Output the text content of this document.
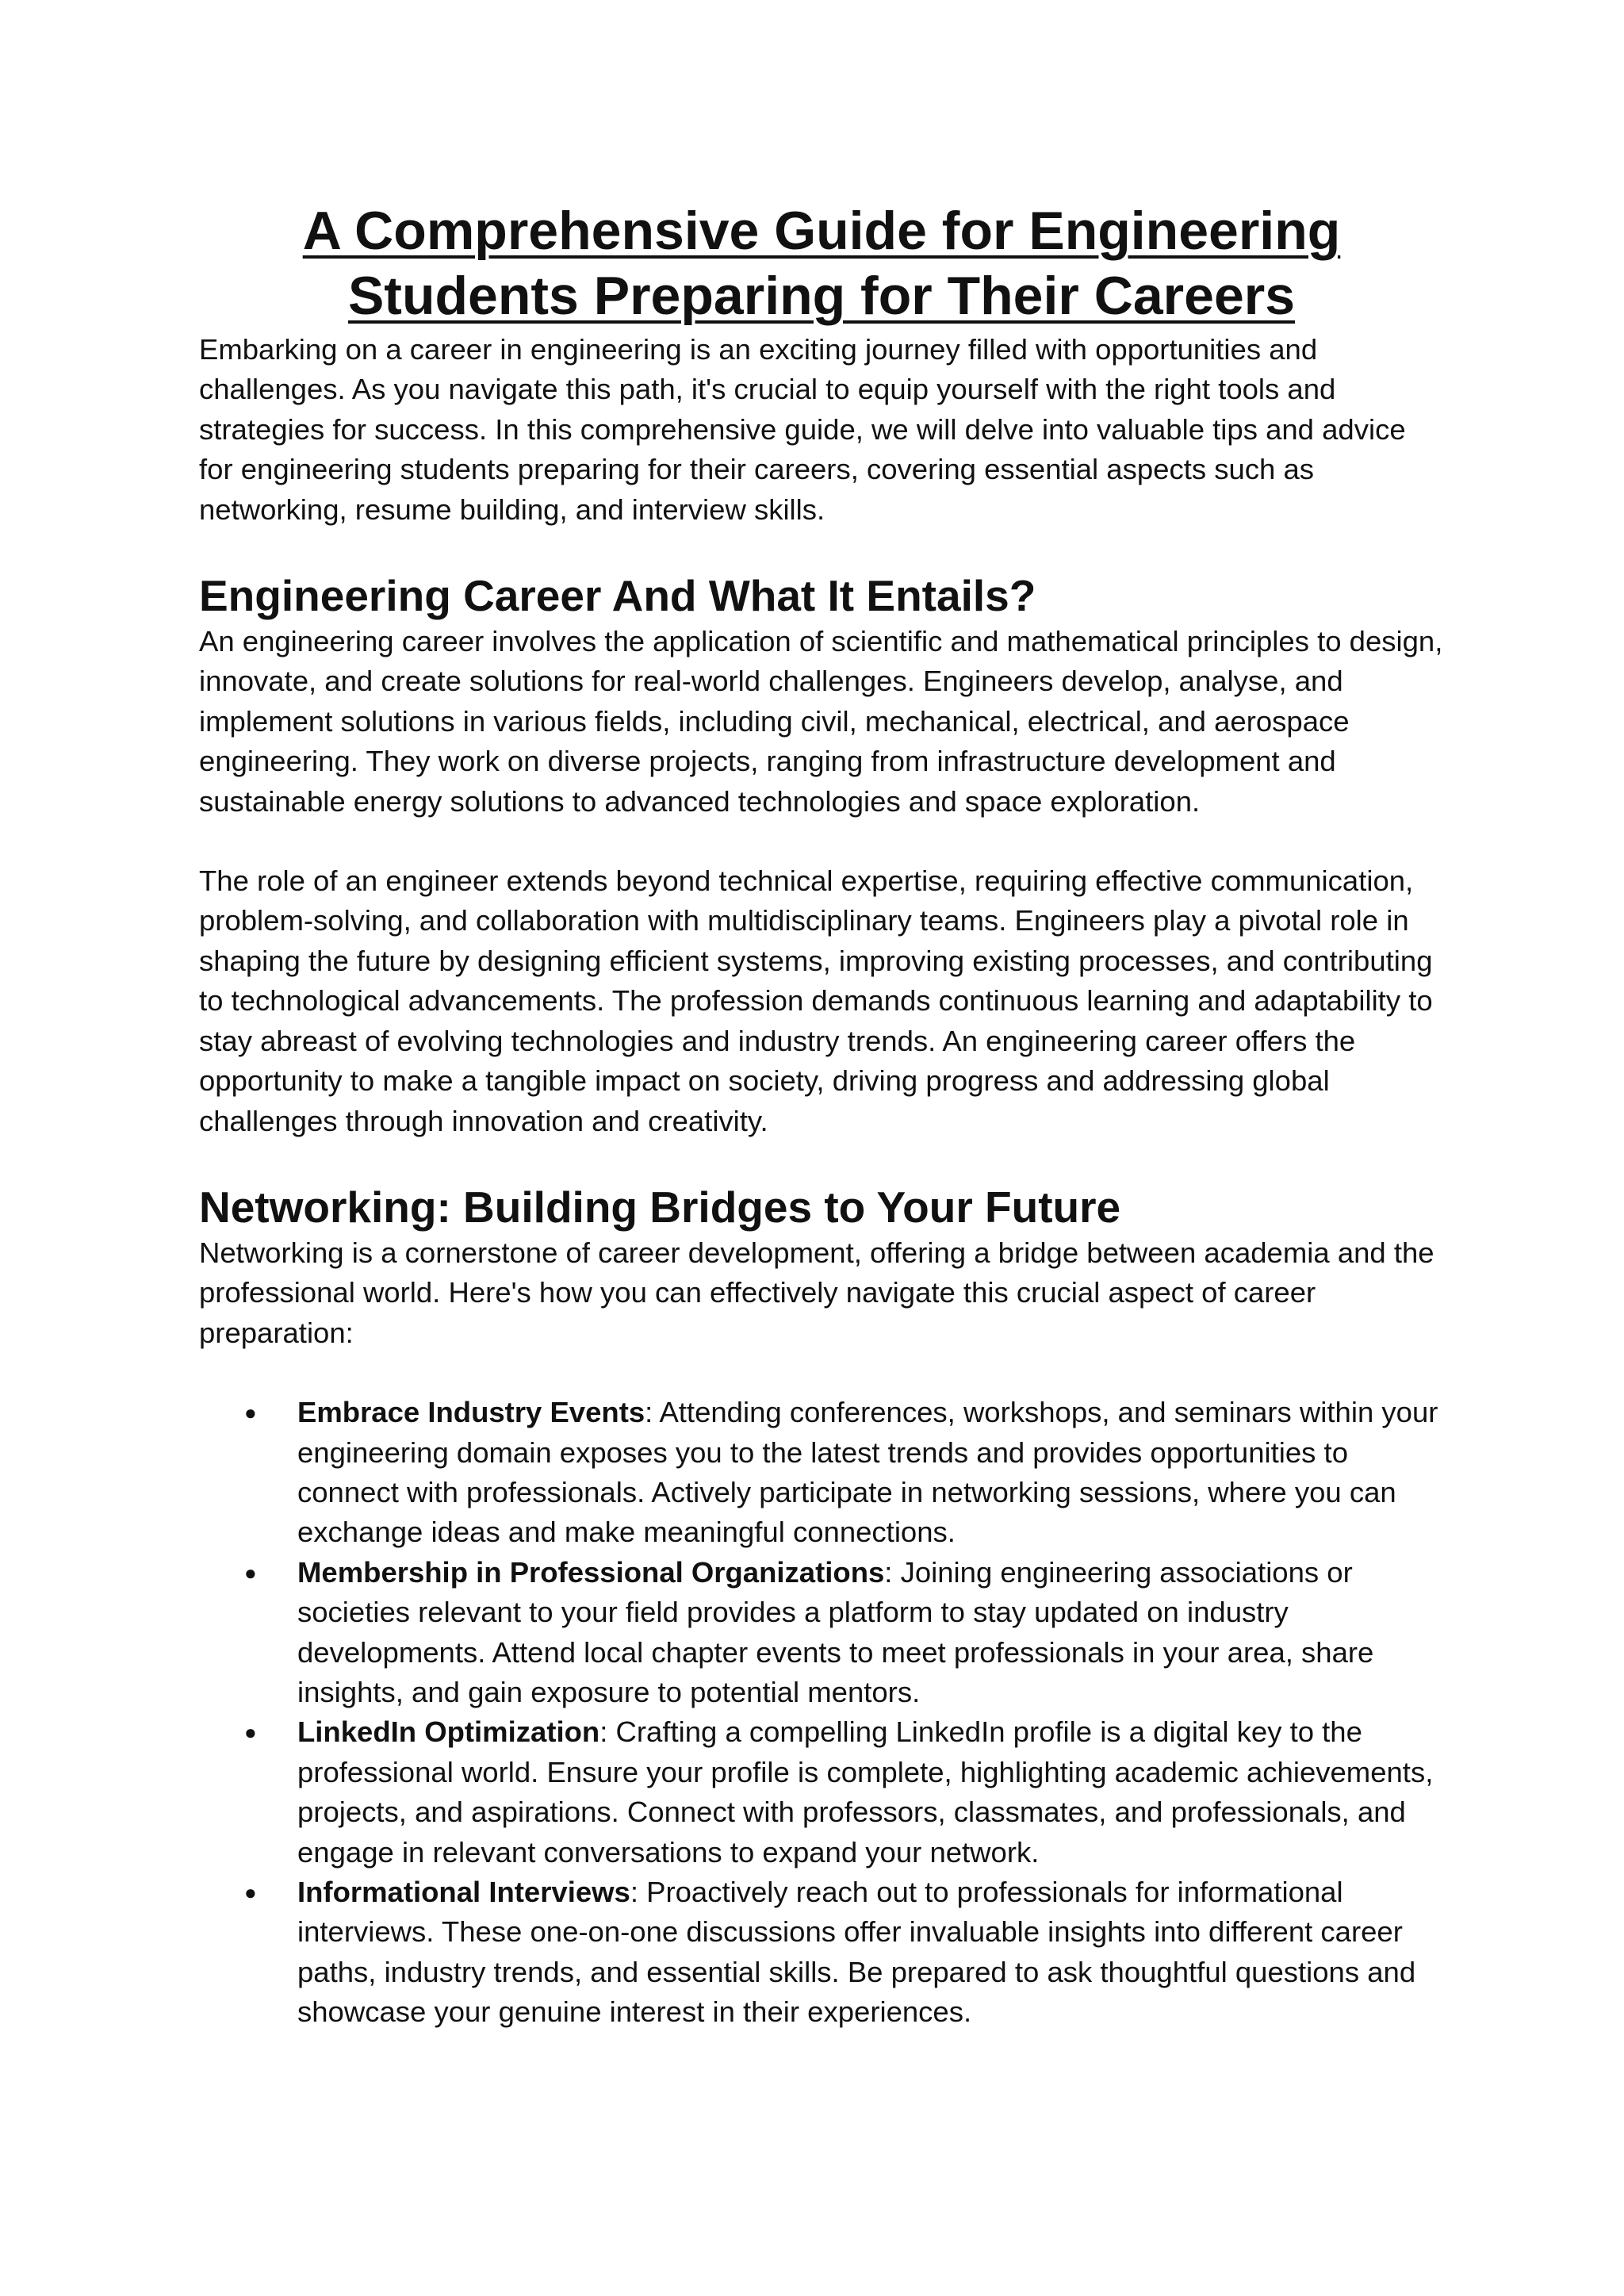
A Comprehensive Guide for Engineering Students Preparing for Their Careers

Embarking on a career in engineering is an exciting journey filled with opportunities and challenges. As you navigate this path, it's crucial to equip yourself with the right tools and strategies for success. In this comprehensive guide, we will delve into valuable tips and advice for engineering students preparing for their careers, covering essential aspects such as networking, resume building, and interview skills.

Engineering Career And What It Entails?

An engineering career involves the application of scientific and mathematical principles to design, innovate, and create solutions for real-world challenges. Engineers develop, analyse, and implement solutions in various fields, including civil, mechanical, electrical, and aerospace engineering. They work on diverse projects, ranging from infrastructure development and sustainable energy solutions to advanced technologies and space exploration.

The role of an engineer extends beyond technical expertise, requiring effective communication, problem-solving, and collaboration with multidisciplinary teams. Engineers play a pivotal role in shaping the future by designing efficient systems, improving existing processes, and contributing to technological advancements. The profession demands continuous learning and adaptability to stay abreast of evolving technologies and industry trends. An engineering career offers the opportunity to make a tangible impact on society, driving progress and addressing global challenges through innovation and creativity.

Networking: Building Bridges to Your Future

Networking is a cornerstone of career development, offering a bridge between academia and the professional world. Here's how you can effectively navigate this crucial aspect of career preparation:

● Embrace Industry Events: Attending conferences, workshops, and seminars within your engineering domain exposes you to the latest trends and provides opportunities to connect with professionals. Actively participate in networking sessions, where you can exchange ideas and make meaningful connections.
● Membership in Professional Organizations: Joining engineering associations or societies relevant to your field provides a platform to stay updated on industry developments. Attend local chapter events to meet professionals in your area, share insights, and gain exposure to potential mentors.
● LinkedIn Optimization: Crafting a compelling LinkedIn profile is a digital key to the professional world. Ensure your profile is complete, highlighting academic achievements, projects, and aspirations. Connect with professors, classmates, and professionals, and engage in relevant conversations to expand your network.
● Informational Interviews: Proactively reach out to professionals for informational interviews. These one-on-one discussions offer invaluable insights into different career paths, industry trends, and essential skills. Be prepared to ask thoughtful questions and showcase your genuine interest in their experiences.
